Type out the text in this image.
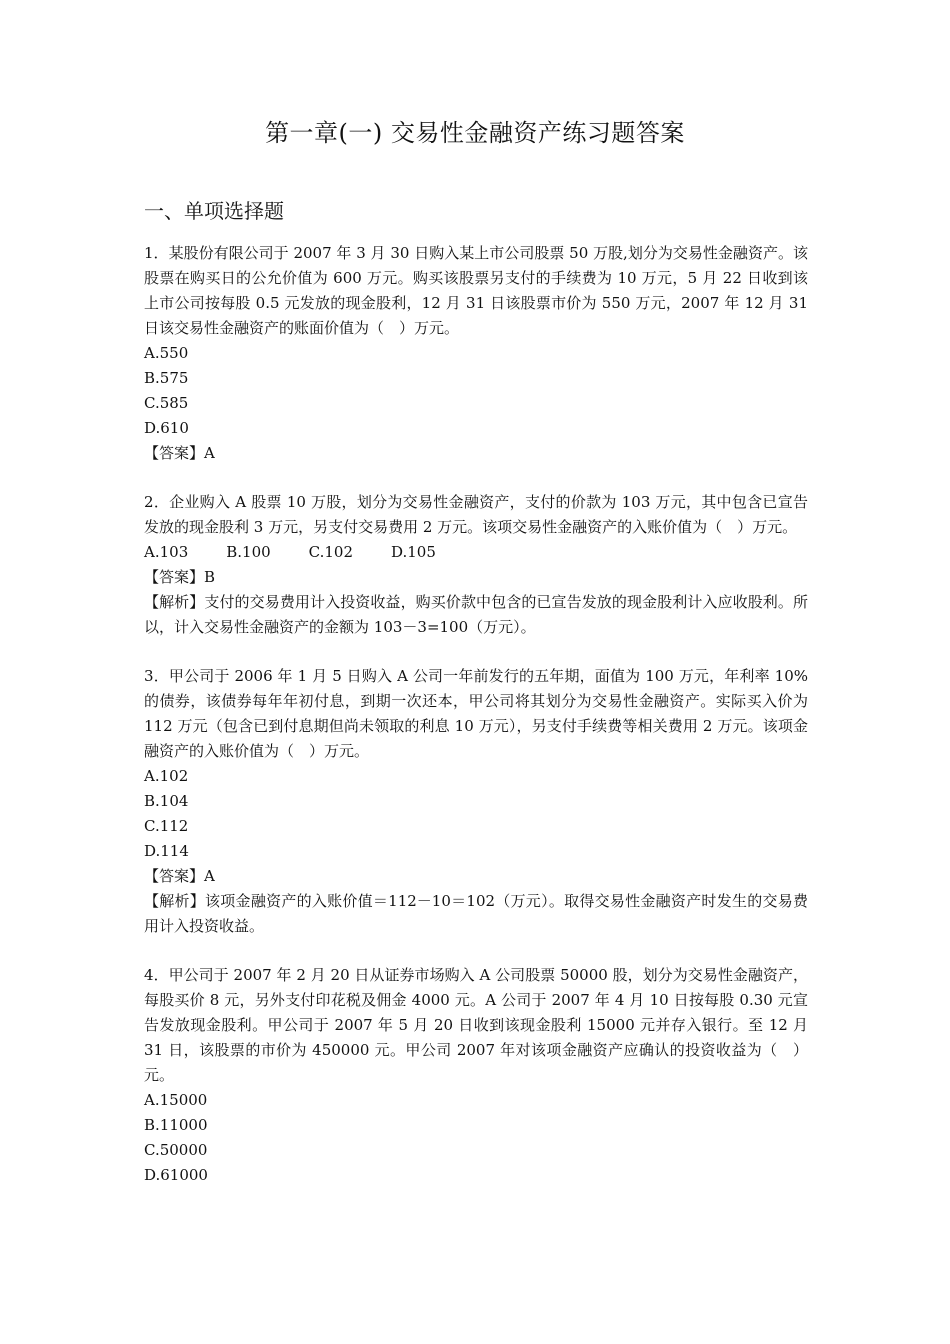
第一章(一) 交易性金融资产练习题答案
一、单项选择题

1．某股份有限公司于 2007 年 3 月 30 日购入某上市公司股票 50 万股,划分为交易性金融资产。该股票在购买日的公允价值为 600 万元。购买该股票另支付的手续费为 10 万元，5 月 22 日收到该上市公司按每股 0.5 元发放的现金股利，12 月 31 日该股票市价为 550 万元，2007 年 12 月 31 日该交易性金融资产的账面价值为（　）万元。

A.550

B.575

C.585

D.610

【答案】A

2．企业购入 A 股票 10 万股，划分为交易性金融资产，支付的价款为 103 万元，其中包含已宣告发放的现金股利 3 万元，另支付交易费用 2 万元。该项交易性金融资产的入账价值为（　）万元。

A.103	B.100	C.102	D.105

【答案】B

【解析】支付的交易费用计入投资收益，购买价款中包含的已宣告发放的现金股利计入应收股利。所以，计入交易性金融资产的金额为 103－3=100（万元）。

3．甲公司于 2006 年 1 月 5 日购入 A 公司一年前发行的五年期，面值为 100 万元，年利率 10%的债券，该债券每年年初付息，到期一次还本，甲公司将其划分为交易性金融资产。实际买入价为 112 万元（包含已到付息期但尚未领取的利息 10 万元），另支付手续费等相关费用 2 万元。该项金融资产的入账价值为（　）万元。

A.102

B.104

C.112

D.114

【答案】A

【解析】该项金融资产的入账价值＝112－10＝102（万元）。取得交易性金融资产时发生的交易费用计入投资收益。

4．甲公司于 2007 年 2 月 20 日从证券市场购入 A 公司股票 50000 股，划分为交易性金融资产，每股买价 8 元，另外支付印花税及佣金 4000 元。A 公司于 2007 年 4 月 10 日按每股 0.30 元宣告发放现金股利。甲公司于 2007 年 5 月 20 日收到该现金股利 15000 元并存入银行。至 12 月 31 日，该股票的市价为 450000 元。甲公司 2007 年对该项金融资产应确认的投资收益为（　）元。

A.15000

B.11000

C.50000

D.61000
